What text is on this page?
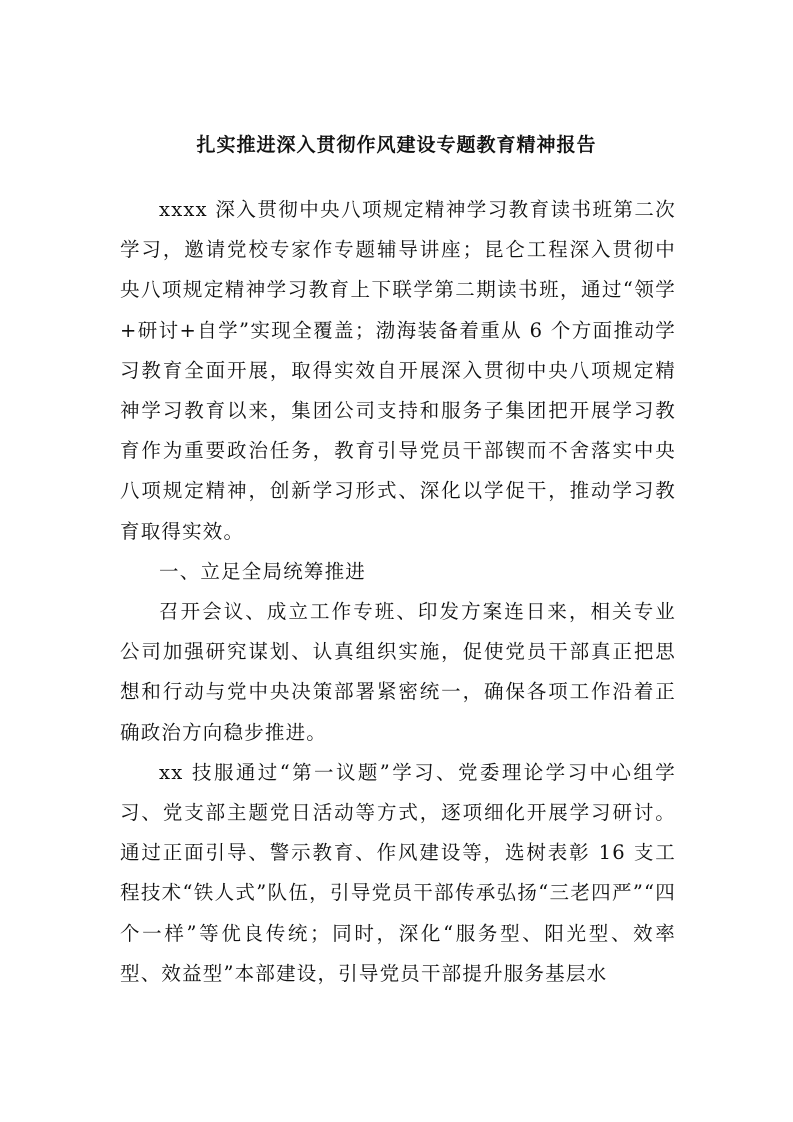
扎实推进深入贯彻作风建设专题教育精神报告

xxxx 深入贯彻中央八项规定精神学习教育读书班第二次学习，邀请党校专家作专题辅导讲座；昆仑工程深入贯彻中央八项规定精神学习教育上下联学第二期读书班，通过“领学+研讨+自学”实现全覆盖；渤海装备着重从 6 个方面推动学习教育全面开展，取得实效自开展深入贯彻中央八项规定精神学习教育以来，集团公司支持和服务子集团把开展学习教育作为重要政治任务，教育引导党员干部锲而不舍落实中央八项规定精神，创新学习形式、深化以学促干，推动学习教育取得实效。

一、立足全局统筹推进

召开会议、成立工作专班、印发方案连日来，相关专业公司加强研究谋划、认真组织实施，促使党员干部真正把思想和行动与党中央决策部署紧密统一，确保各项工作沿着正确政治方向稳步推进。

xx 技服通过“第一议题”学习、党委理论学习中心组学习、党支部主题党日活动等方式，逐项细化开展学习研讨。通过正面引导、警示教育、作风建设等，选树表彰 16 支工程技术“铁人式”队伍，引导党员干部传承弘扬“三老四严”“四个一样”等优良传统；同时，深化“服务型、阳光型、效率型、效益型”本部建设，引导党员干部提升服务基层水
